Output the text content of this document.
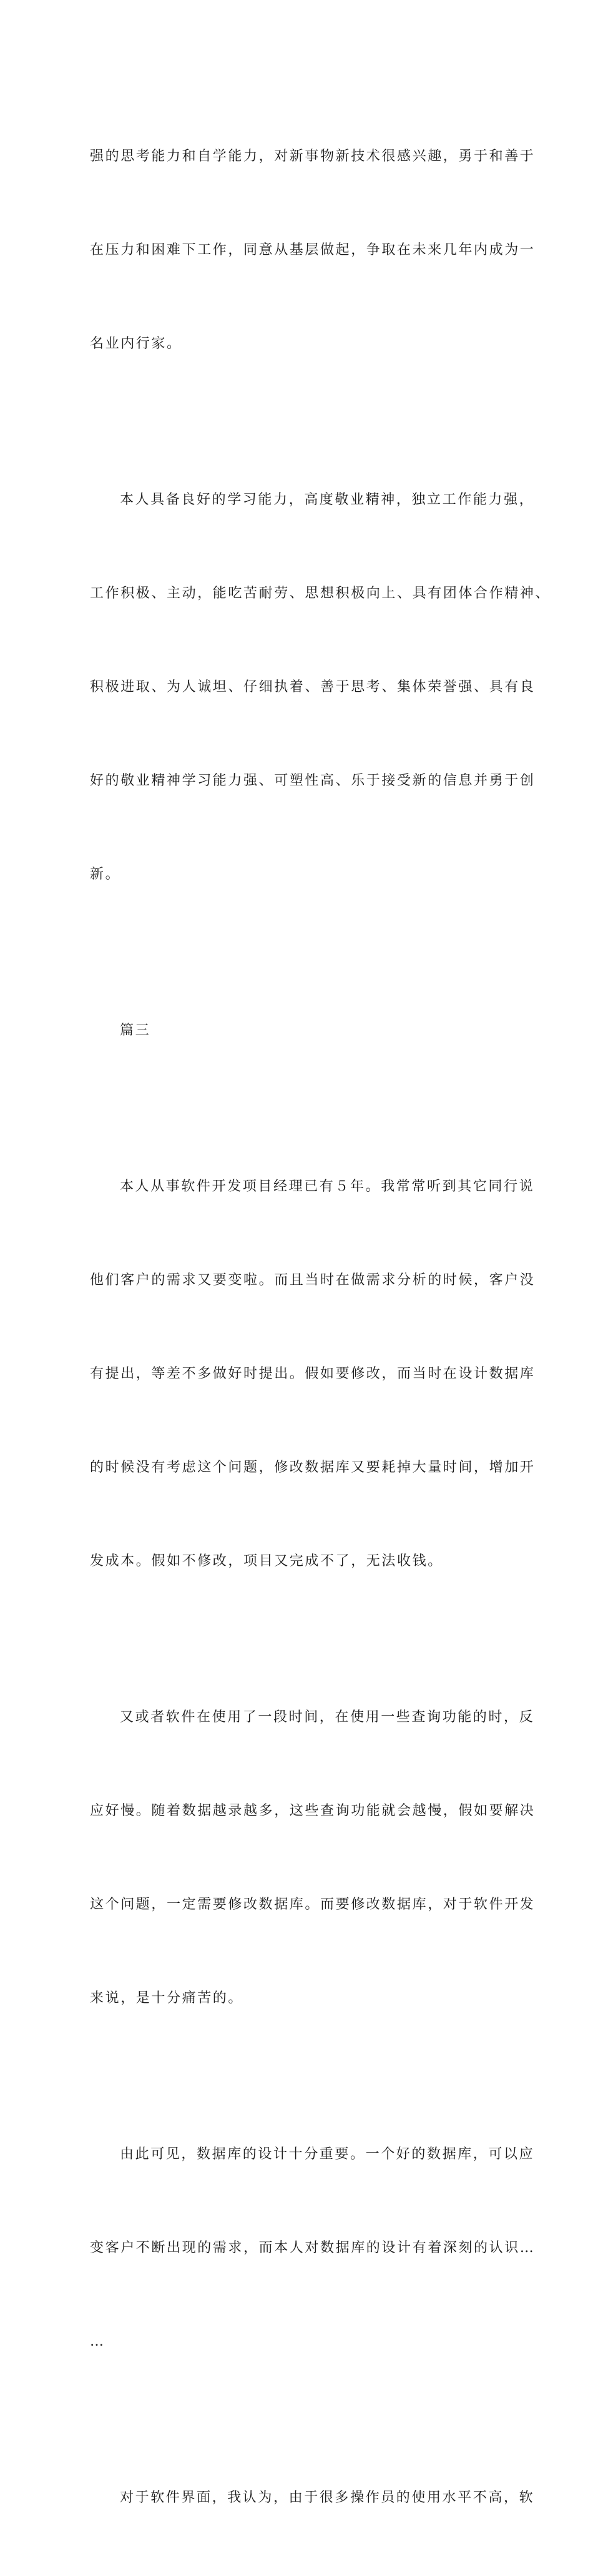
强的思考能力和自学能力，对新事物新技术很感兴趣，勇于和善于

在压力和困难下工作，同意从基层做起，争取在未来几年内成为一

名业内行家。

本人具备良好的学习能力，高度敬业精神，独立工作能力强，

工作积极、主动，能吃苦耐劳、思想积极向上、具有团体合作精神、

积极进取、为人诚坦、仔细执着、善于思考、集体荣誉强、具有良

好的敬业精神学习能力强、可塑性高、乐于接受新的信息并勇于创

新。

篇三

本人从事软件开发项目经理已有５年。我常常听到其它同行说

他们客户的需求又要变啦。而且当时在做需求分析的时候，客户没

有提出，等差不多做好时提出。假如要修改，而当时在设计数据库

的时候没有考虑这个问题，修改数据库又要耗掉大量时间，增加开

发成本。假如不修改，项目又完成不了，无法收钱。

又或者软件在使用了一段时间，在使用一些查询功能的时，反

应好慢。随着数据越录越多，这些查询功能就会越慢，假如要解决

这个问题，一定需要修改数据库。而要修改数据库，对于软件开发

来说，是十分痛苦的。

由此可见，数据库的设计十分重要。一个好的数据库，可以应

变客户不断出现的需求，而本人对数据库的设计有着深刻的认识…

…

对于软件界面，我认为，由于很多操作员的使用水平不高，软
